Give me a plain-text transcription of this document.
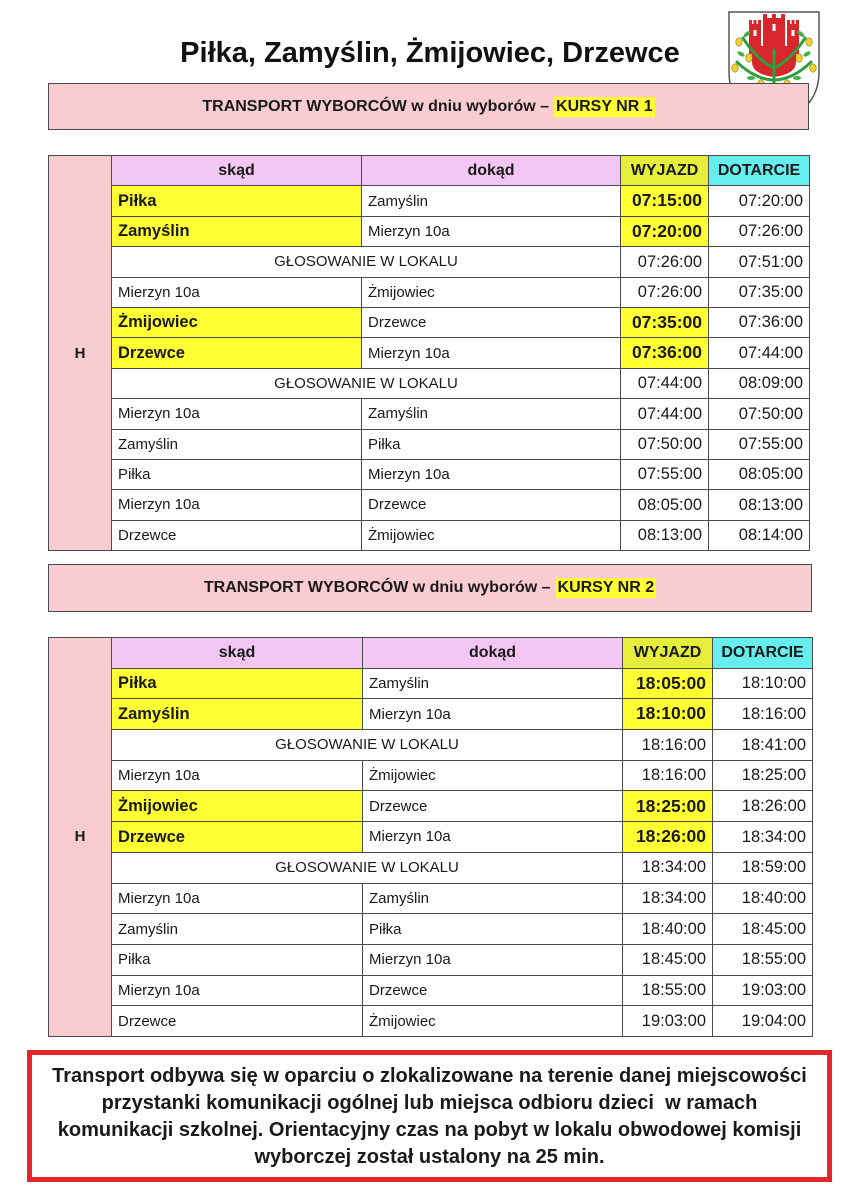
Piłka, Zamyślin, Żmijowiec, Drzewce
TRANSPORT WYBORCÓW w dniu wyborów – KURSY NR 1
H	skąd	dokąd	WYJAZD	DOTARCIE
	Piłka	Zamyślin	07:15:00	07:20:00
	Zamyślin	Mierzyn 10a	07:20:00	07:26:00
	GŁOSOWANIE W LOKALU		07:26:00	07:51:00
	Mierzyn 10a	Żmijowiec	07:26:00	07:35:00
	Żmijowiec	Drzewce	07:35:00	07:36:00
	Drzewce	Mierzyn 10a	07:36:00	07:44:00
	GŁOSOWANIE W LOKALU		07:44:00	08:09:00
	Mierzyn 10a	Zamyślin	07:44:00	07:50:00
	Zamyślin	Piłka	07:50:00	07:55:00
	Piłka	Mierzyn 10a	07:55:00	08:05:00
	Mierzyn 10a	Drzewce	08:05:00	08:13:00
	Drzewce	Żmijowiec	08:13:00	08:14:00
TRANSPORT WYBORCÓW w dniu wyborów – KURSY NR 2
H	skąd	dokąd	WYJAZD	DOTARCIE
	Piłka	Zamyślin	18:05:00	18:10:00
	Zamyślin	Mierzyn 10a	18:10:00	18:16:00
	GŁOSOWANIE W LOKALU		18:16:00	18:41:00
	Mierzyn 10a	Żmijowiec	18:16:00	18:25:00
	Żmijowiec	Drzewce	18:25:00	18:26:00
	Drzewce	Mierzyn 10a	18:26:00	18:34:00
	GŁOSOWANIE W LOKALU		18:34:00	18:59:00
	Mierzyn 10a	Zamyślin	18:34:00	18:40:00
	Zamyślin	Piłka	18:40:00	18:45:00
	Piłka	Mierzyn 10a	18:45:00	18:55:00
	Mierzyn 10a	Drzewce	18:55:00	19:03:00
	Drzewce	Żmijowiec	19:03:00	19:04:00
Transport odbywa się w oparciu o zlokalizowane na terenie danej miejscowości
przystanki komunikacji ogólnej lub miejsca odbioru dzieci  w ramach
komunikacji szkolnej. Orientacyjny czas na pobyt w lokalu obwodowej komisji
wyborczej został ustalony na 25 min.
